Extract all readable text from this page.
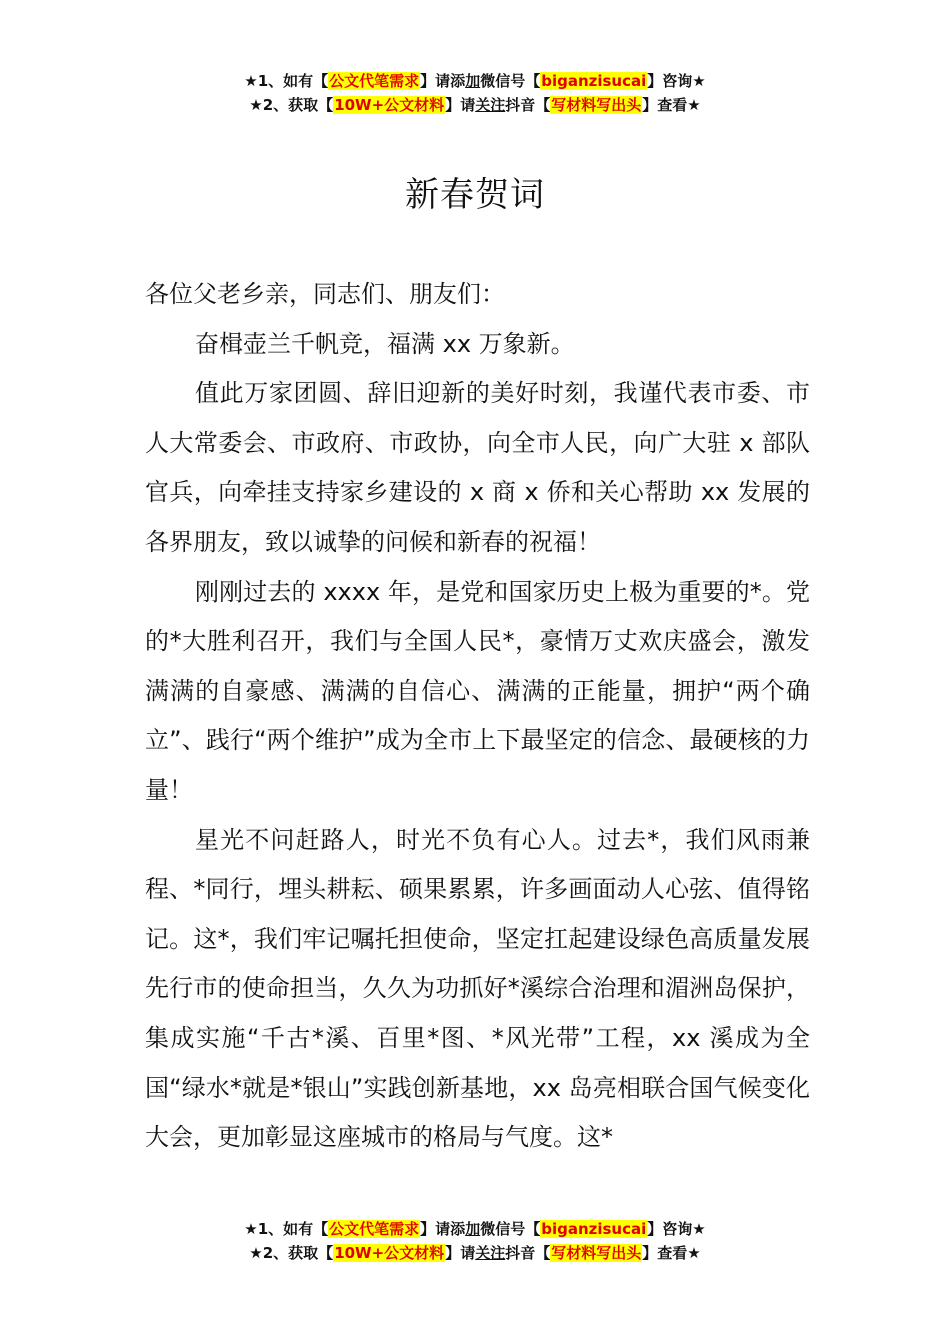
★1、如有【公文代笔需求】请添加微信号【biganzisucai】咨询★
★2、获取【10W+公文材料】请关注抖音【写材料写出头】查看★
新春贺词

各位父老乡亲，同志们、朋友们：

奋楫壶兰千帆竞，福满 xx 万象新。

值此万家团圆、辞旧迎新的美好时刻，我谨代表市委、市人大常委会、市政府、市政协，向全市人民，向广大驻 x 部队官兵，向牵挂支持家乡建设的 x 商 x 侨和关心帮助 xx 发展的各界朋友，致以诚挚的问候和新春的祝福！

刚刚过去的 xxxx 年，是党和国家历史上极为重要的*。党的*大胜利召开，我们与全国人民*，豪情万丈欢庆盛会，激发满满的自豪感、满满的自信心、满满的正能量，拥护“两个确立”、践行“两个维护”成为全市上下最坚定的信念、最硬核的力量！

星光不问赶路人，时光不负有心人。过去*，我们风雨兼程、*同行，埋头耕耘、硕果累累，许多画面动人心弦、值得铭记。这*，我们牢记嘱托担使命，坚定扛起建设绿色高质量发展先行市的使命担当，久久为功抓好*溪综合治理和湄洲岛保护，集成实施“千古*溪、百里*图、*风光带”工程，xx 溪成为全国“绿水*就是*银山”实践创新基地，xx 岛亮相联合国气候变化大会，更加彰显这座城市的格局与气度。这*

★1、如有【公文代笔需求】请添加微信号【biganzisucai】咨询★
★2、获取【10W+公文材料】请关注抖音【写材料写出头】查看★
